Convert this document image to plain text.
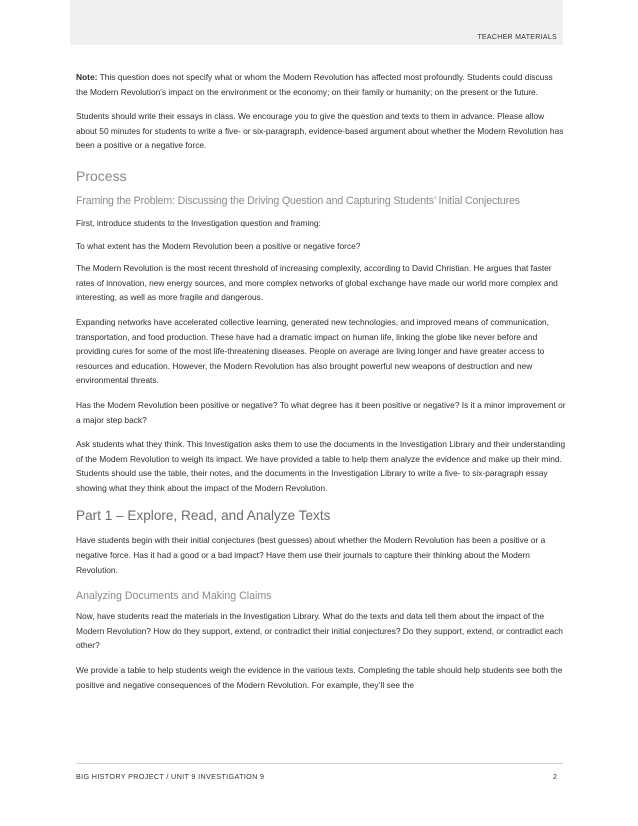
TEACHER MATERIALS

Note: This question does not specify what or whom the Modern Revolution has affected most profoundly. Students could discuss the Modern Revolution's impact on the environment or the economy; on their family or humanity; on the present or the future.

Students should write their essays in class. We encourage you to give the question and texts to them in advance. Please allow about 50 minutes for students to write a five- or six-paragraph, evidence-based argument about whether the Modern Revolution has been a positive or a negative force.

Process
Framing the Problem: Discussing the Driving Question and Capturing Students’ Initial Conjectures

First, introduce students to the Investigation question and framing:

To what extent has the Modern Revolution been a positive or negative force?

The Modern Revolution is the most recent threshold of increasing complexity, according to David Christian. He argues that faster rates of innovation, new energy sources, and more complex networks of global exchange have made our world more complex and interesting, as well as more fragile and dangerous.

Expanding networks have accelerated collective learning, generated new technologies, and improved means of communication, transportation, and food production. These have had a dramatic impact on human life, linking the globe like never before and providing cures for some of the most life-threatening diseases. People on average are living longer and have greater access to resources and education. However, the Modern Revolution has also brought powerful new weapons of destruction and new environmental threats.

Has the Modern Revolution been positive or negative? To what degree has it been positive or negative? Is it a minor improvement or a major step back?

Ask students what they think. This Investigation asks them to use the documents in the Investigation Library and their understanding of the Modern Revolution to weigh its impact. We have provided a table to help them analyze the evidence and make up their mind. Students should use the table, their notes, and the documents in the Investigation Library to write a five- to six-paragraph essay showing what they think about the impact of the Modern Revolution.

Part 1 – Explore, Read, and Analyze Texts

Have students begin with their initial conjectures (best guesses) about whether the Modern Revolution has been a positive or a negative force. Has it had a good or a bad impact? Have them use their journals to capture their thinking about the Modern Revolution.

Analyzing Documents and Making Claims

Now, have students read the materials in the Investigation Library. What do the texts and data tell them about the impact of the Modern Revolution? How do they support, extend, or contradict their initial conjectures? Do they support, extend, or contradict each other?

We provide a table to help students weigh the evidence in the various texts. Completing the table should help students see both the positive and negative consequences of the Modern Revolution. For example, they’ll see the

BIG HISTORY PROJECT / UNIT 9 INVESTIGATION 9	2
